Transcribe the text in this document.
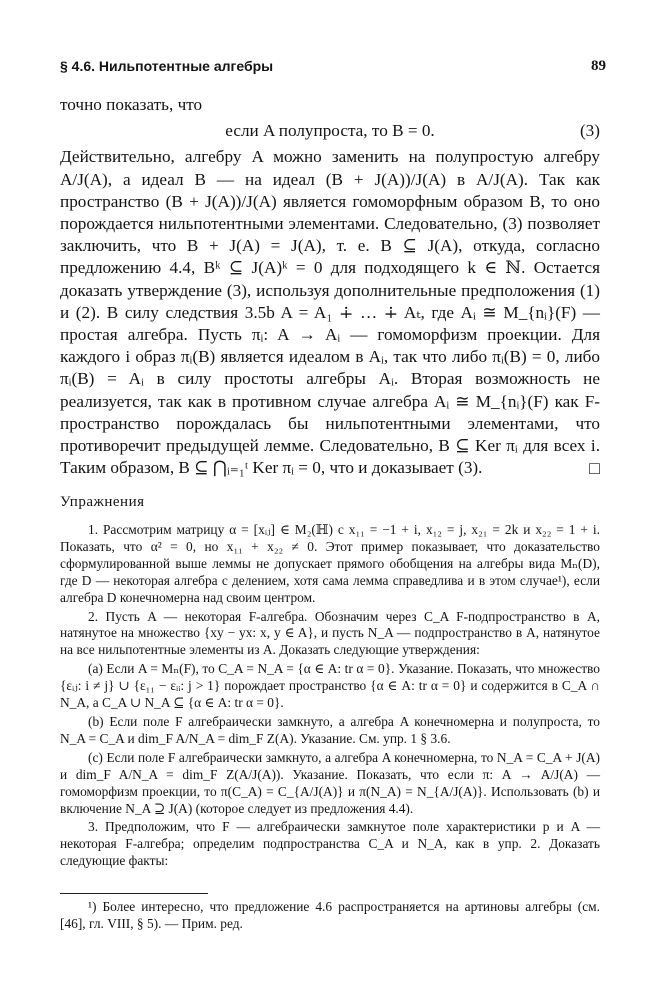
§ 4.6. Нильпотентные алгебры	89

точно показать, что

если A полупроста, то B = 0.	(3)

Действительно, алгебру A можно заменить на полупростую алгебру A/J(A), а идеал B — на идеал (B + J(A))/J(A) в A/J(A). Так как пространство (B + J(A))/J(A) является гомоморфным образом B, то оно порождается нильпотентными элементами. Следовательно, (3) позволяет заключить, что B + J(A) = J(A), т. е. B ⊆ J(A), откуда, согласно предложению 4.4, Bᵏ ⊆ J(A)ᵏ = 0 для подходящего k ∈ ℕ. Остается доказать утверждение (3), используя дополнительные предположения (1) и (2). В силу следствия 3.5b A = A₁ ∔ … ∔ Aₜ, где Aᵢ ≅ M_{nᵢ}(F) — простая алгебра. Пусть πᵢ: A → Aᵢ — гомоморфизм проекции. Для каждого i образ πᵢ(B) является идеалом в Aᵢ, так что либо πᵢ(B) = 0, либо πᵢ(B) = Aᵢ в силу простоты алгебры Aᵢ. Вторая возможность не реализуется, так как в противном случае алгебра Aᵢ ≅ M_{nᵢ}(F) как F-пространство порождалась бы нильпотентными элементами, что противоречит предыдущей лемме. Следовательно, B ⊆ Ker πᵢ для всех i. Таким образом, B ⊆ ⋂ᵢ₌₁ᵗ Ker πᵢ = 0, что и доказывает (3).	□

Упражнения

1. Рассмотрим матрицу α = [xᵢⱼ] ∈ M₂(ℍ) с x₁₁ = −1 + i, x₁₂ = j, x₂₁ = 2k и x₂₂ = 1 + i. Показать, что α² = 0, но x₁₁ + x₂₂ ≠ 0. Этот пример показывает, что доказательство сформулированной выше леммы не допускает прямого обобщения на алгебры вида Mₙ(D), где D — некоторая алгебра с делением, хотя сама лемма справедлива и в этом случае¹), если алгебра D конечномерна над своим центром.

2. Пусть A — некоторая F-алгебра. Обозначим через C_A F-подпространство в A, натянутое на множество {xy − yx: x, y ∈ A}, и пусть N_A — подпространство в A, натянутое на все нильпотентные элементы из A. Доказать следующие утверждения:

(a) Если A = Mₙ(F), то C_A = N_A = {α ∈ A: tr α = 0}. Указание. Показать, что множество {εᵢⱼ: i ≠ j} ∪ {ε₁₁ − εᵢᵢ: j > 1} порождает пространство {α ∈ A: tr α = 0} и содержится в C_A ∩ N_A, а C_A ∪ N_A ⊆ {α ∈ A: tr α = 0}.

(b) Если поле F алгебраически замкнуто, а алгебра A конечномерна и полупроста, то N_A = C_A и dim_F A/N_A = dim_F Z(A). Указание. См. упр. 1 § 3.6.

(c) Если поле F алгебраически замкнуто, а алгебра A конечномерна, то N_A = C_A + J(A) и dim_F A/N_A = dim_F Z(A/J(A)). Указание. Показать, что если π: A → A/J(A) — гомоморфизм проекции, то π(C_A) = C_{A/J(A)} и π(N_A) = N_{A/J(A)}. Использовать (b) и включение N_A ⊇ J(A) (которое следует из предложения 4.4).

3. Предположим, что F — алгебраически замкнутое поле характеристики p и A — некоторая F-алгебра; определим подпространства C_A и N_A, как в упр. 2. Доказать следующие факты:

¹) Более интересно, что предложение 4.6 распространяется на артиновы алгебры (см. [46], гл. VIII, § 5). — Прим. ред.
